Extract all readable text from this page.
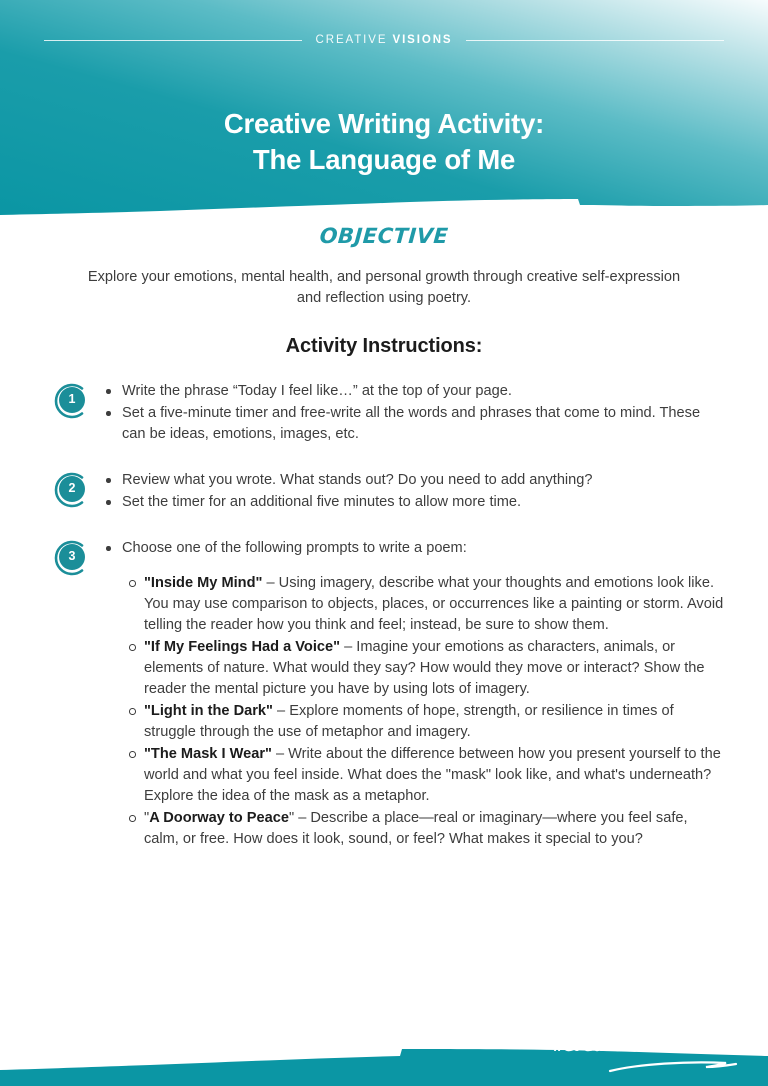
CREATIVE VISIONS
Creative Writing Activity:
The Language of Me
OBJECTIVE

Explore your emotions, mental health, and personal growth through creative self-expression and reflection using poetry.

Activity Instructions:
1
Write the phrase “Today I feel like…” at the top of your page.
Set a five-minute timer and free-write all the words and phrases that come to mind. These can be ideas, emotions, images, etc.
2
Review what you wrote. What stands out? Do you need to add anything?
Set the timer for an additional five minutes to allow more time.
3
Choose one of the following prompts to write a poem:
"Inside My Mind" – Using imagery, describe what your thoughts and emotions look like. You may use comparison to objects, places, or occurrences like a painting or storm. Avoid telling the reader how you think and feel; instead, be sure to show them.
"If My Feelings Had a Voice" – Imagine your emotions as characters, animals, or elements of nature. What would they say? How would they move or interact? Show the reader the mental picture you have by using lots of imagery.
"Light in the Dark" – Explore moments of hope, strength, or resilience in times of struggle through the use of metaphor and imagery.
"The Mask I Wear" – Write about the difference between how you present yourself to the world and what you feel inside. What does the "mask" look like, and what's underneath? Explore the idea of the mask as a metaphor.
"A Doorway to Peace" – Describe a place—real or imaginary—where you feel safe, calm, or free. How does it look, sound, or feel? What makes it special to you?
www.createconnectcare.org	1	#CreateConnectCare
